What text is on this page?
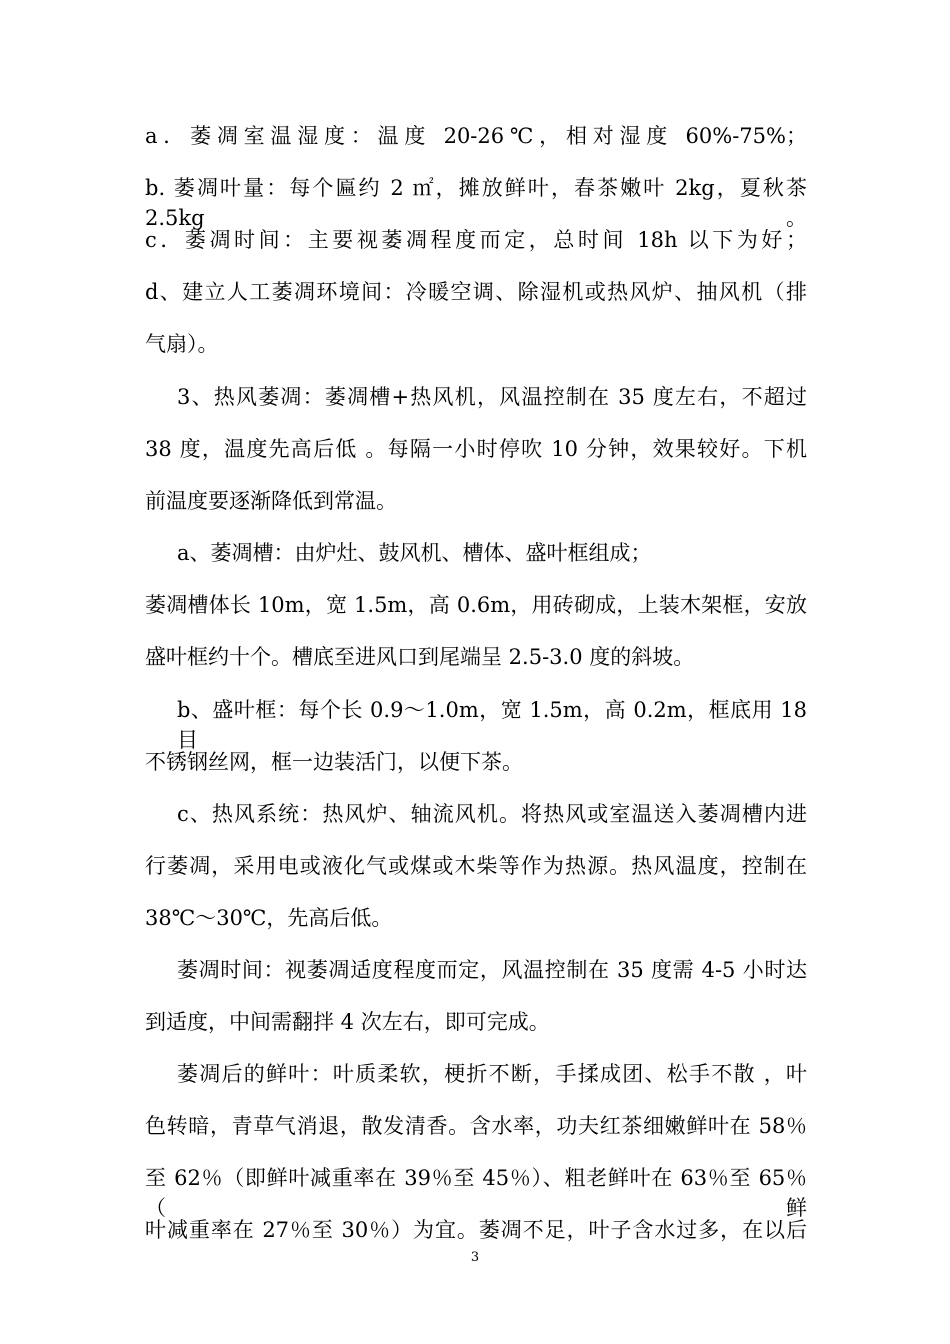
a．萎凋室温湿度：温度 20-26℃，相对湿度 60%-75%；
b. 萎凋叶量：每个匾约 2 ㎡，摊放鲜叶，春茶嫩叶 2kg，夏秋茶 2.5kg。
c．萎凋时间：主要视萎凋程度而定，总时间 18h 以下为好；
d、建立人工萎凋环境间：冷暖空调、除湿机或热风炉、抽风机（排
气扇）。
3、热风萎凋：萎凋槽+热风机，风温控制在 35 度左右，不超过
38 度，温度先高后低 。每隔一小时停吹 10 分钟，效果较好。下机
前温度要逐渐降低到常温。
a、萎凋槽：由炉灶、鼓风机、槽体、盛叶框组成；
萎凋槽体长 10m，宽 1.5m，高 0.6m，用砖砌成，上装木架框，安放
盛叶框约十个。槽底至进风口到尾端呈 2.5-3.0 度的斜坡。
b、盛叶框：每个长 0.9～1.0m，宽 1.5m，高 0.2m，框底用 18 目
不锈钢丝网，框一边装活门，以便下茶。
c、热风系统：热风炉、轴流风机。将热风或室温送入萎凋槽内进
行萎凋，采用电或液化气或煤或木柴等作为热源。热风温度，控制在
38℃～30℃，先高后低。
萎凋时间：视萎凋适度程度而定，风温控制在 35 度需 4-5 小时达
到适度，中间需翻拌 4 次左右，即可完成。
萎凋后的鲜叶：叶质柔软，梗折不断，手揉成团、松手不散 ，叶
色转暗，青草气消退，散发清香。含水率，功夫红茶细嫩鲜叶在 58％
至 62％（即鲜叶减重率在 39％至 45％）、粗老鲜叶在 63％至 65％（鲜
叶减重率在 27％至 30％）为宜。萎凋不足，叶子含水过多，在以后
3
